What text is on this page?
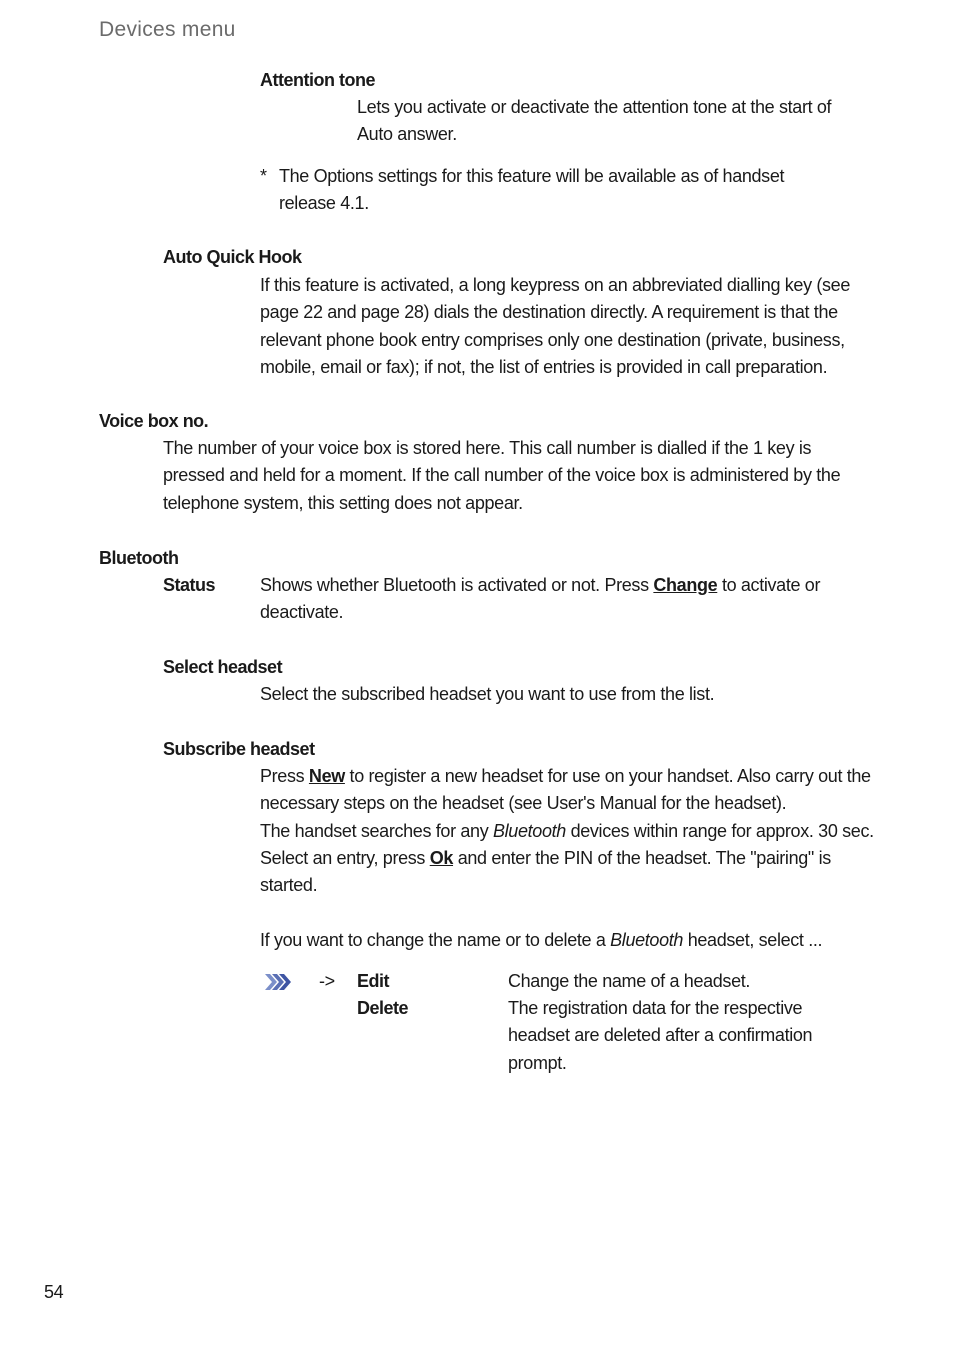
Devices menu
Attention tone

Lets you activate or deactivate the attention tone at the start of Auto answer.

* The Options settings for this feature will be available as of handset release 4.1.

Auto Quick Hook

If this feature is activated, a long keypress on an abbreviated dialling key (see page 22 and page 28) dials the destination directly. A requirement is that the relevant phone book entry comprises only one destination (private, business, mobile, email or fax); if not, the list of entries is provided in call preparation.

Voice box no.

The number of your voice box is stored here. This call number is dialled if the 1 key is pressed and held for a moment. If the call number of the voice box is administered by the telephone system, this setting does not appear.

Bluetooth
Status Shows whether Bluetooth is activated or not. Press Change to activate or deactivate.

Select headset

Select the subscribed headset you want to use from the list.

Subscribe headset

Press New to register a new headset for use on your handset. Also carry out the necessary steps on the headset (see User's Manual for the headset).
The handset searches for any Bluetooth devices within range for approx. 30 sec. Select an entry, press Ok and enter the PIN of the headset. The "pairing" is started.

If you want to change the name or to delete a Bluetooth headset, select ...

-> Edit	Change the name of a headset.

Delete	The registration data for the respective headset are deleted after a confirmation prompt.

54
